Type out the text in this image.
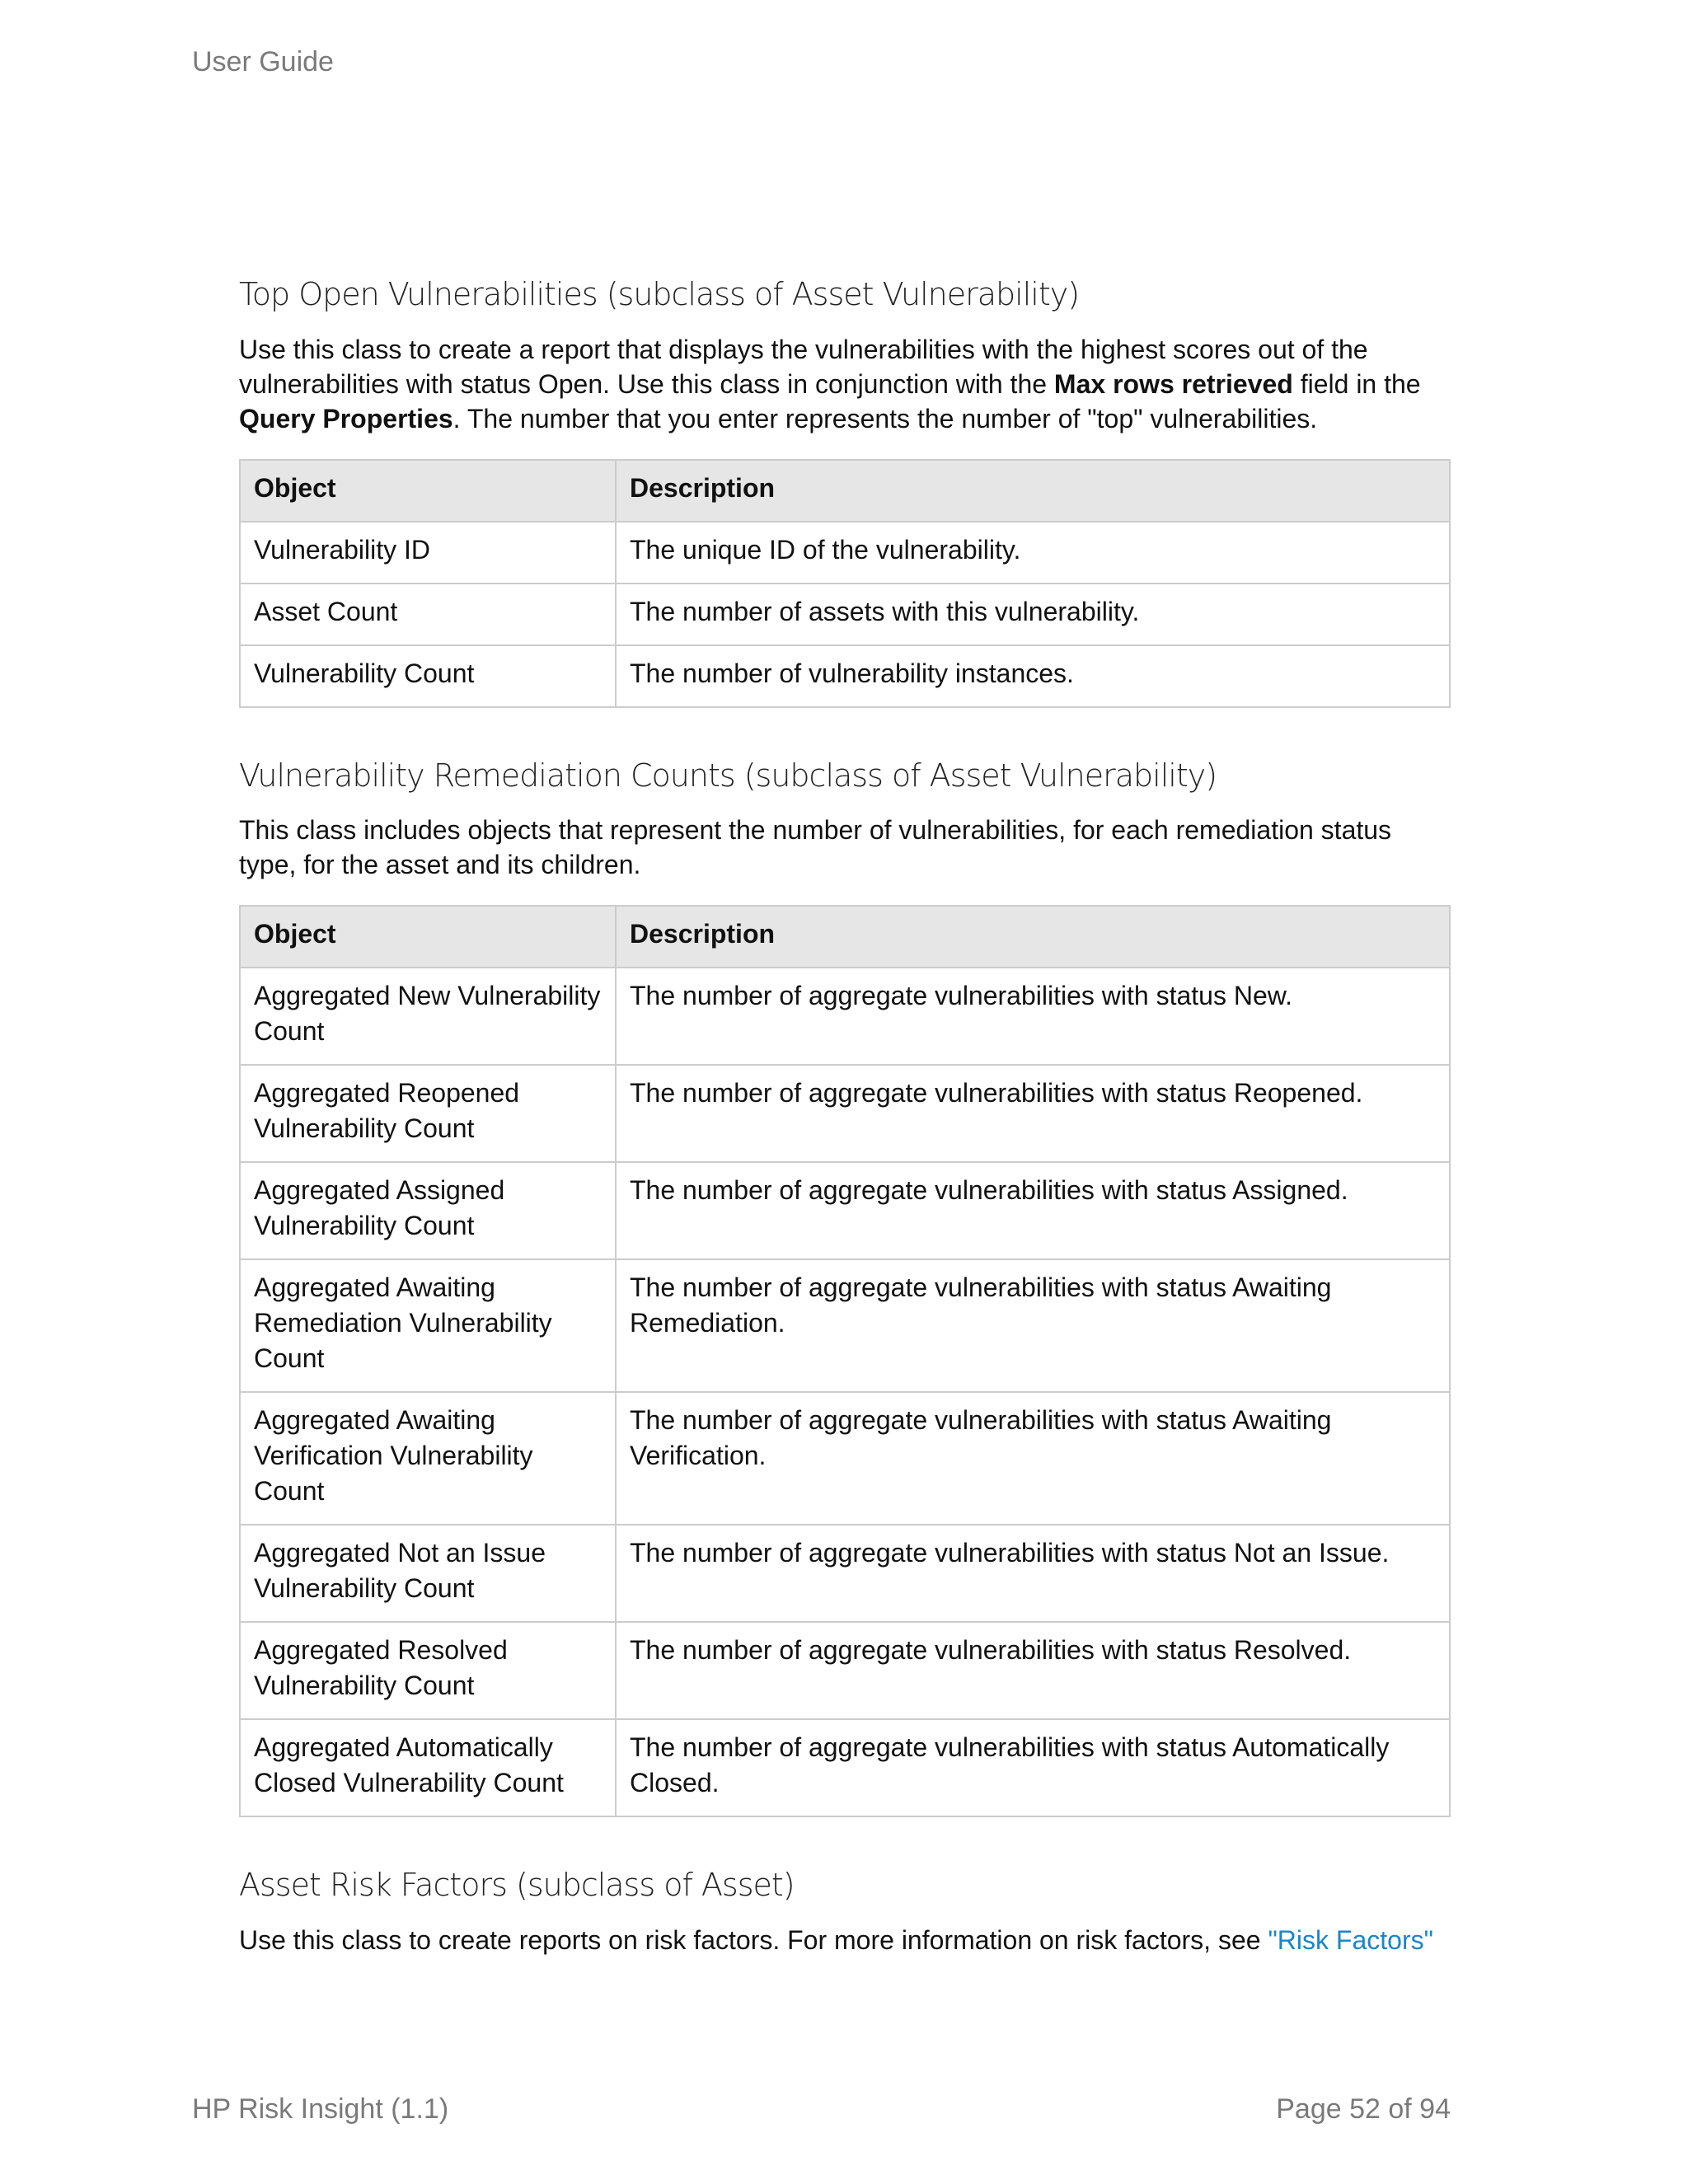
User Guide
Top Open Vulnerabilities (subclass of Asset Vulnerability)

Use this class to create a report that displays the vulnerabilities with the highest scores out of the vulnerabilities with status Open. Use this class in conjunction with the Max rows retrieved field in the Query Properties. The number that you enter represents the number of "top" vulnerabilities.

Object	Description
Vulnerability ID	The unique ID of the vulnerability.
Asset Count	The number of assets with this vulnerability.
Vulnerability Count	The number of vulnerability instances.
Vulnerability Remediation Counts (subclass of Asset Vulnerability)

This class includes objects that represent the number of vulnerabilities, for each remediation status type, for the asset and its children.

Object	Description
Aggregated New Vulnerability Count	The number of aggregate vulnerabilities with status New.
Aggregated Reopened Vulnerability Count	The number of aggregate vulnerabilities with status Reopened.
Aggregated Assigned Vulnerability Count	The number of aggregate vulnerabilities with status Assigned.
Aggregated Awaiting Remediation Vulnerability Count	The number of aggregate vulnerabilities with status Awaiting Remediation.
Aggregated Awaiting Verification Vulnerability Count	The number of aggregate vulnerabilities with status Awaiting Verification.
Aggregated Not an Issue Vulnerability Count	The number of aggregate vulnerabilities with status Not an Issue.
Aggregated Resolved Vulnerability Count	The number of aggregate vulnerabilities with status Resolved.
Aggregated Automatically Closed Vulnerability Count	The number of aggregate vulnerabilities with status Automatically Closed.
Asset Risk Factors (subclass of Asset)

Use this class to create reports on risk factors. For more information on risk factors, see "Risk Factors"

HP Risk Insight (1.1)	Page 52 of 94
